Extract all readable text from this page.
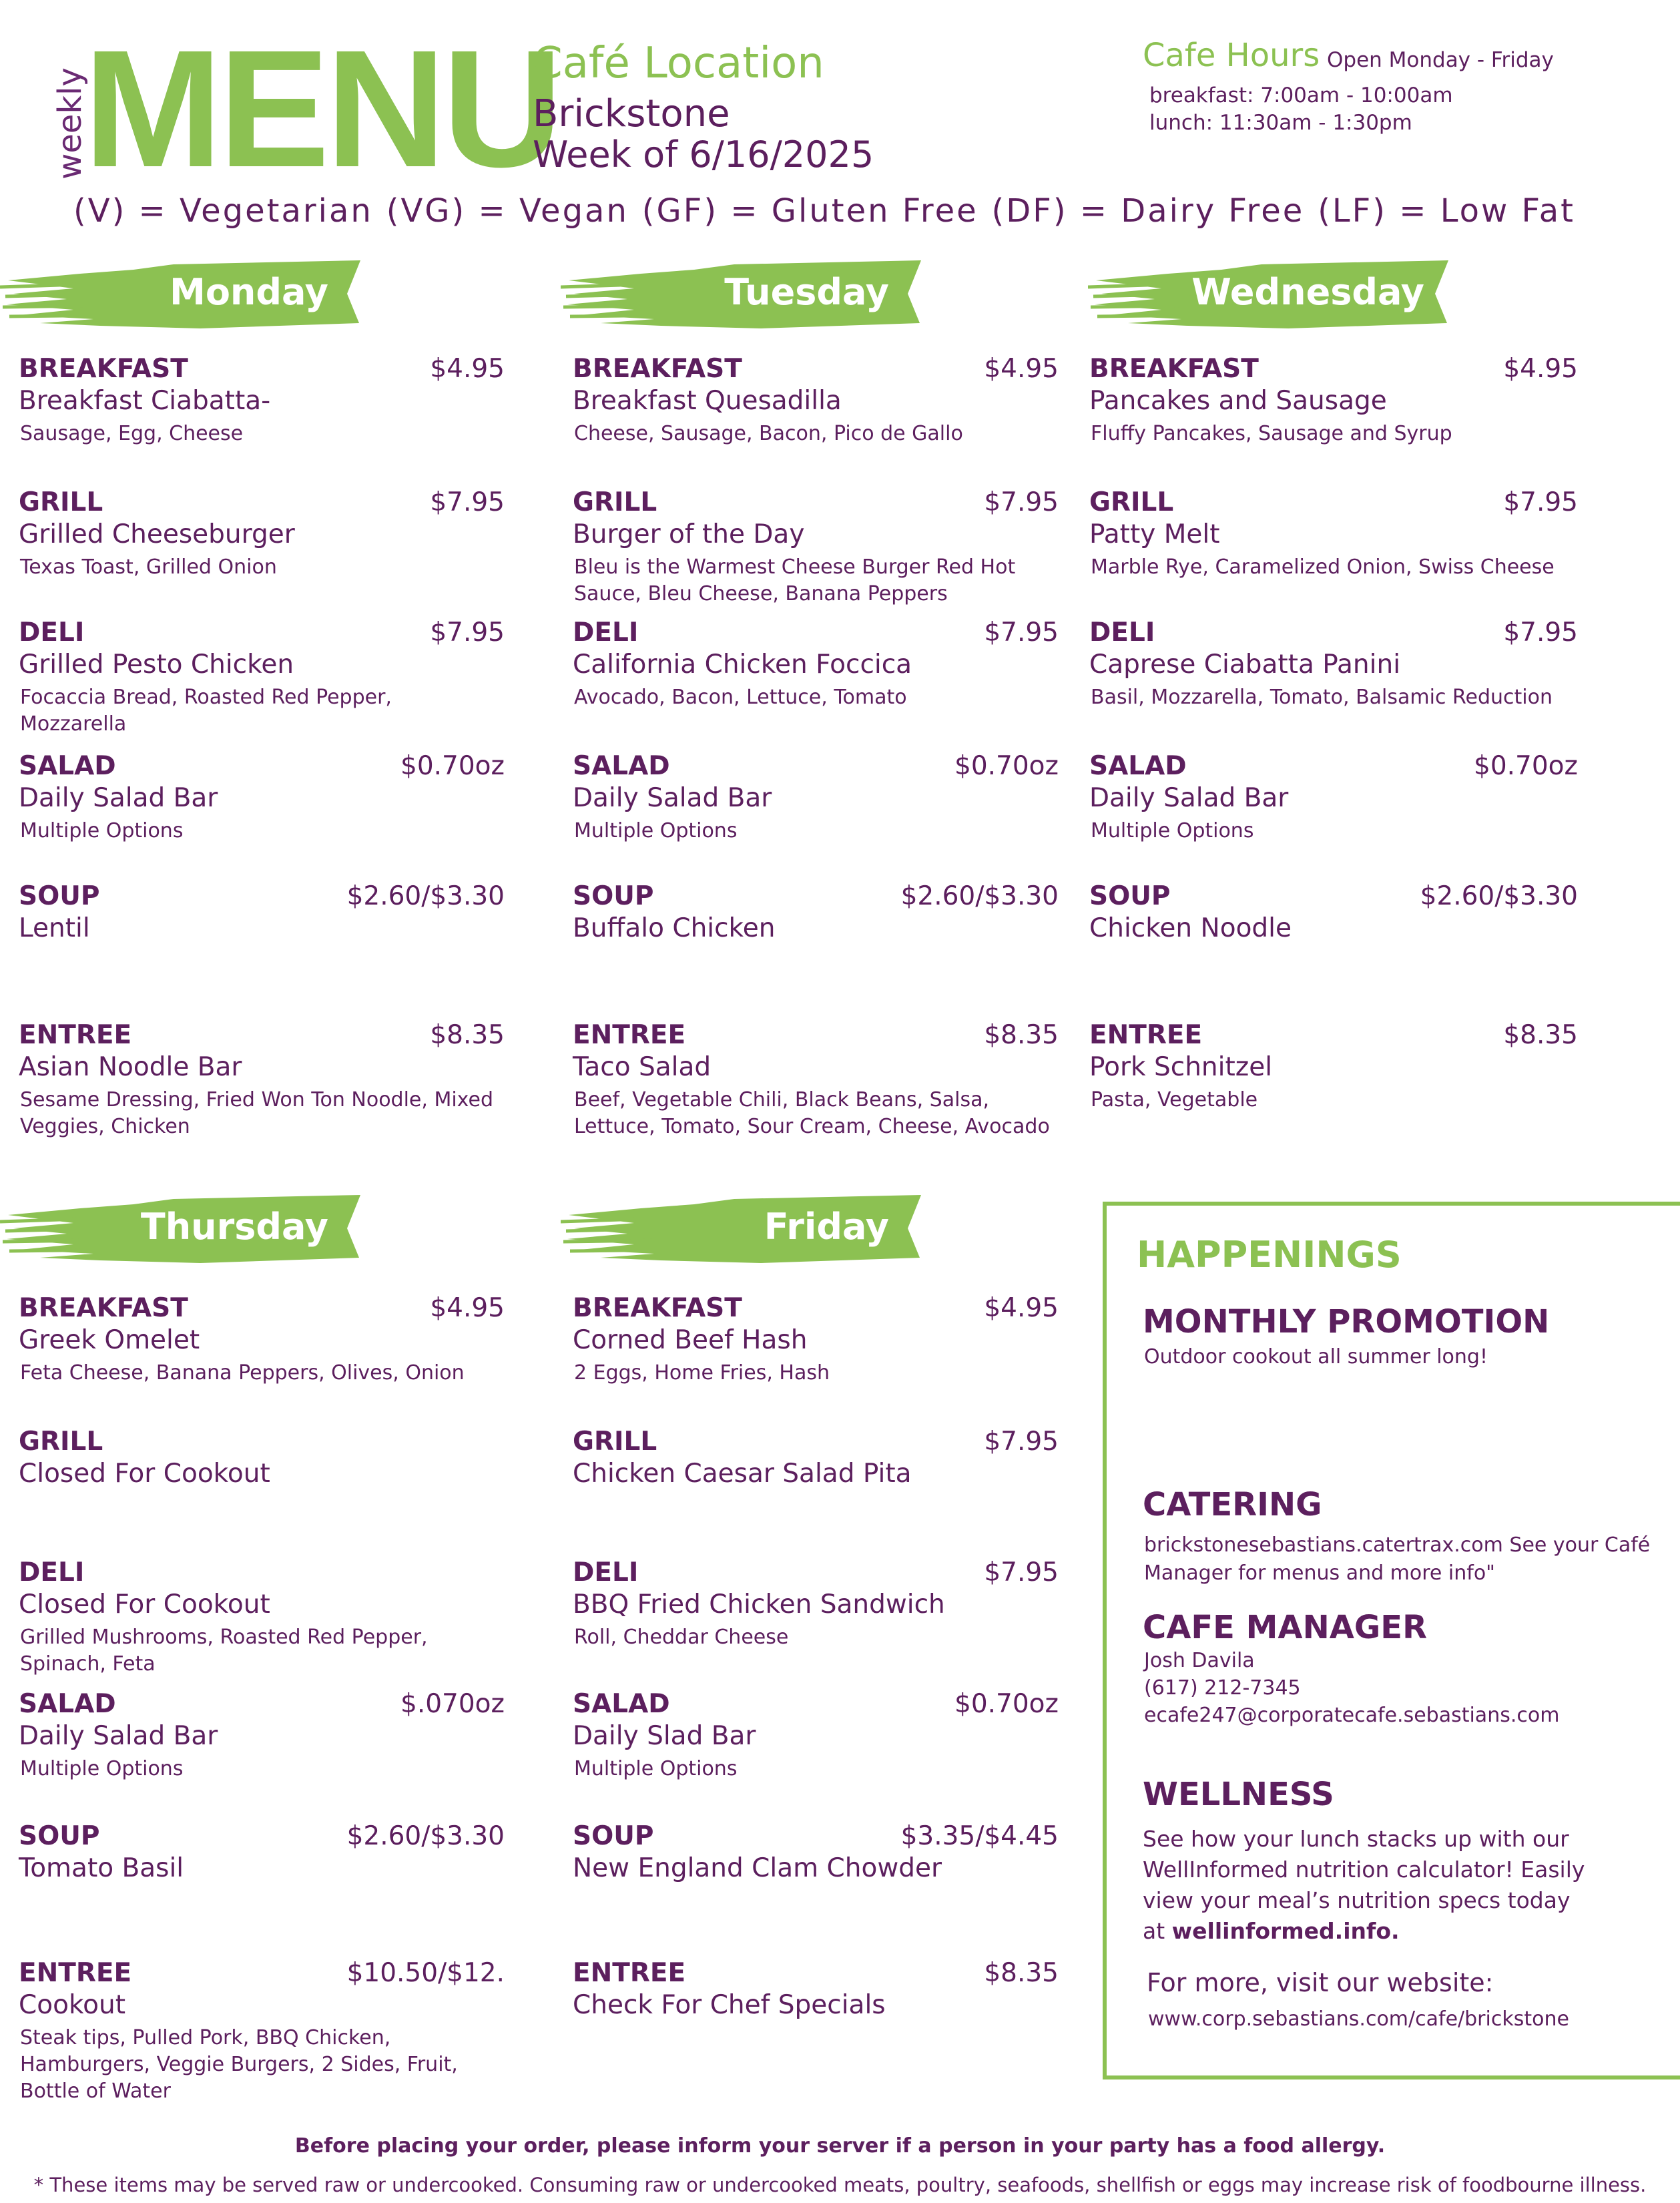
weekly
MENU
Café Location
Brickstone
Week of 6/16/2025
Cafe Hours Open Monday - Friday
breakfast: 7:00am - 10:00am
lunch: 11:30am - 1:30pm
(V) = Vegetarian (VG) = Vegan (GF) = Gluten Free (DF) = Dairy Free (LF) = Low Fat
Monday
BREAKFAST	$4.95
Breakfast Ciabatta-
Sausage, Egg, Cheese
GRILL	$7.95
Grilled Cheeseburger
Texas Toast, Grilled Onion
DELI	$7.95
Grilled Pesto Chicken
Focaccia Bread, Roasted Red Pepper, Mozzarella
SALAD	$0.70oz
Daily Salad Bar
Multiple Options
SOUP	$2.60/$3.30
Lentil
ENTREE	$8.35
Asian Noodle Bar
Sesame Dressing, Fried Won Ton Noodle, Mixed Veggies, Chicken
Tuesday
BREAKFAST	$4.95
Breakfast Quesadilla
Cheese, Sausage, Bacon, Pico de Gallo
GRILL	$7.95
Burger of the Day
Bleu is the Warmest Cheese Burger Red Hot Sauce, Bleu Cheese, Banana Peppers
DELI	$7.95
California Chicken Foccica
Avocado, Bacon, Lettuce, Tomato
SALAD	$0.70oz
Daily Salad Bar
Multiple Options
SOUP	$2.60/$3.30
Buffalo Chicken
ENTREE	$8.35
Taco Salad
Beef, Vegetable Chili, Black Beans, Salsa, Lettuce, Tomato, Sour Cream, Cheese, Avocado
Wednesday
BREAKFAST	$4.95
Pancakes and Sausage
Fluffy Pancakes, Sausage and Syrup
GRILL	$7.95
Patty Melt
Marble Rye, Caramelized Onion, Swiss Cheese
DELI	$7.95
Caprese Ciabatta Panini
Basil, Mozzarella, Tomato, Balsamic Reduction
SALAD	$0.70oz
Daily Salad Bar
Multiple Options
SOUP	$2.60/$3.30
Chicken Noodle
ENTREE	$8.35
Pork Schnitzel
Pasta, Vegetable
Thursday
BREAKFAST	$4.95
Greek Omelet
Feta Cheese, Banana Peppers, Olives, Onion
GRILL
Closed For Cookout
DELI
Closed For Cookout
Grilled Mushrooms, Roasted Red Pepper, Spinach, Feta
SALAD	$.070oz
Daily Salad Bar
Multiple Options
SOUP	$2.60/$3.30
Tomato Basil
ENTREE	$10.50/$12.
Cookout
Steak tips, Pulled Pork, BBQ Chicken, Hamburgers, Veggie Burgers, 2 Sides, Fruit, Bottle of Water
Friday
BREAKFAST	$4.95
Corned Beef Hash
2 Eggs, Home Fries, Hash
GRILL	$7.95
Chicken Caesar Salad Pita
DELI	$7.95
BBQ Fried Chicken Sandwich
Roll, Cheddar Cheese
SALAD	$0.70oz
Daily Slad Bar
Multiple Options
SOUP	$3.35/$4.45
New England Clam Chowder
ENTREE	$8.35
Check For Chef Specials
HAPPENINGS
MONTHLY PROMOTION
Outdoor cookout all summer long!
CATERING
brickstonesebastians.catertrax.com See your Café Manager for menus and more info"
CAFE MANAGER
Josh Davila
(617) 212-7345
ecafe247@corporatecafe.sebastians.com
WELLNESS
See how your lunch stacks up with our WellInformed nutrition calculator! Easily view your meal’s nutrition specs today at wellinformed.info.
For more, visit our website:
www.corp.sebastians.com/cafe/brickstone
Before placing your order, please inform your server if a person in your party has a food allergy.
* These items may be served raw or undercooked. Consuming raw or undercooked meats, poultry, seafoods, shellfish or eggs may increase risk of foodbourne illness.
